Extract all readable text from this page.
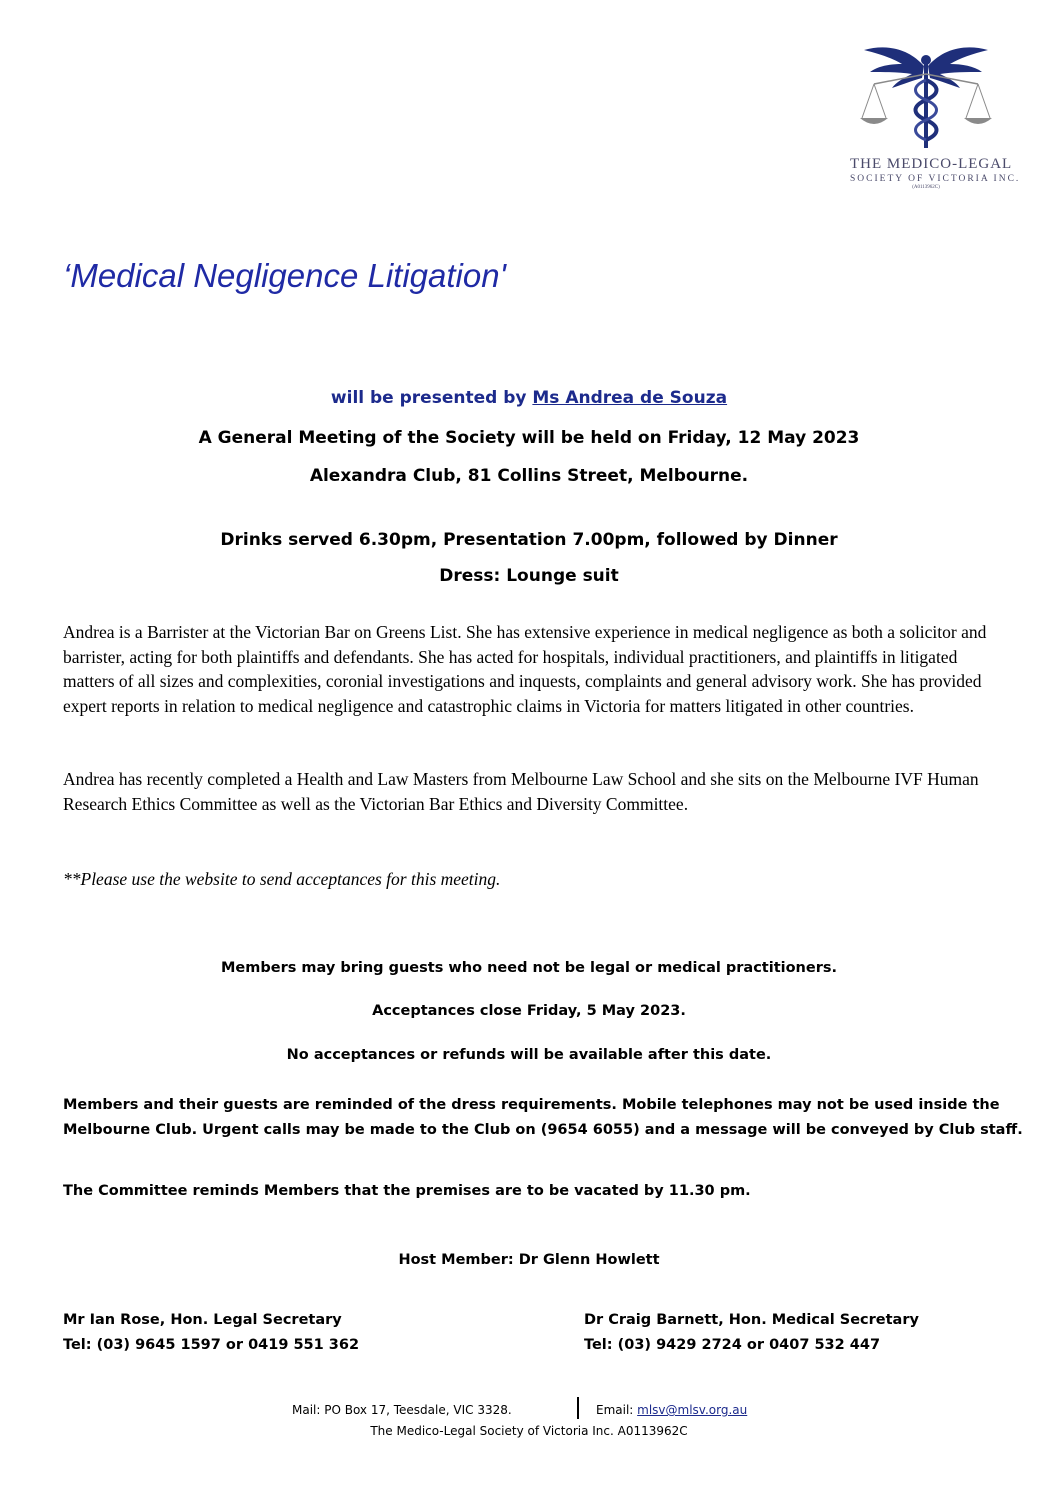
THE MEDICO-LEGAL
SOCIETY OF VICTORIA INC.
(A0113962C)
‘Medical Negligence Litigation'
will be presented by Ms Andrea de Souza
A General Meeting of the Society will be held on Friday, 12 May 2023
Alexandra Club, 81 Collins Street, Melbourne.
Drinks served 6.30pm, Presentation 7.00pm, followed by Dinner
Dress: Lounge suit
Andrea is a Barrister at the Victorian Bar on Greens List. She has extensive experience in medical negligence as both a solicitor and barrister, acting for both plaintiffs and defendants. She has acted for hospitals, individual practitioners, and plaintiffs in litigated matters of all sizes and complexities, coronial investigations and inquests, complaints and general advisory work. She has provided expert reports in relation to medical negligence and catastrophic claims in Victoria for matters litigated in other countries.
Andrea has recently completed a Health and Law Masters from Melbourne Law School and she sits on the Melbourne IVF Human Research Ethics Committee as well as the Victorian Bar Ethics and Diversity Committee.
**Please use the website to send acceptances for this meeting.
Members may bring guests who need not be legal or medical practitioners.
Acceptances close Friday, 5 May 2023.
No acceptances or refunds will be available after this date.
Members and their guests are reminded of the dress requirements. Mobile telephones may not be used inside the Melbourne Club. Urgent calls may be made to the Club on (9654 6055) and a message will be conveyed by Club staff.
The Committee reminds Members that the premises are to be vacated by 11.30 pm.
Host Member: Dr Glenn Howlett
Mr Ian Rose, Hon. Legal Secretary
Tel: (03) 9645 1597 or 0419 551 362
Dr Craig Barnett, Hon. Medical Secretary
Tel: (03) 9429 2724 or 0407 532 447
Mail: PO Box 17, Teesdale, VIC 3328.	Email: mlsv@mlsv.org.au
The Medico-Legal Society of Victoria Inc. A0113962C
